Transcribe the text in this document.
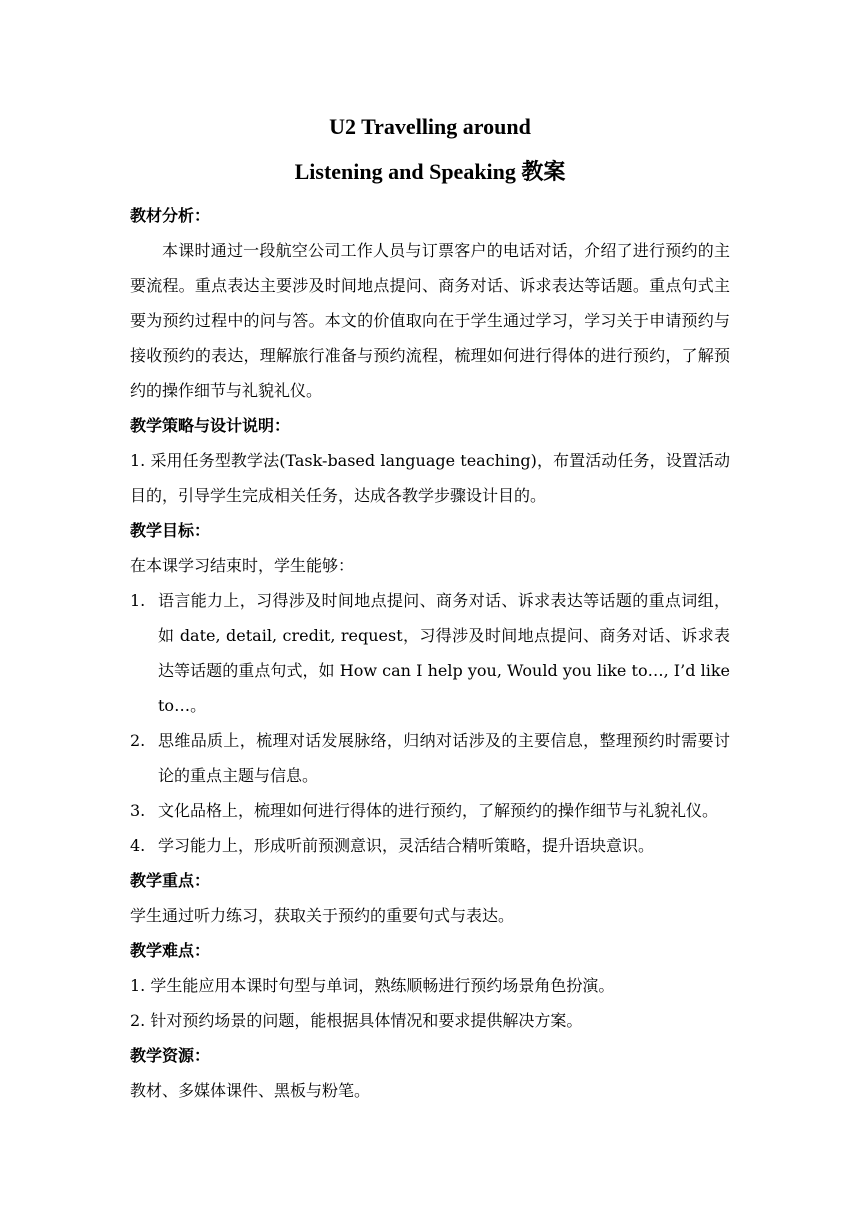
U2 Travelling around
Listening and Speaking 教案
教材分析：
本课时通过一段航空公司工作人员与订票客户的电话对话，介绍了进行预约的主要流程。重点表达主要涉及时间地点提问、商务对话、诉求表达等话题。重点句式主要为预约过程中的问与答。本文的价值取向在于学生通过学习，学习关于申请预约与接收预约的表达，理解旅行准备与预约流程，梳理如何进行得体的进行预约，了解预约的操作细节与礼貌礼仪。
教学策略与设计说明：
1. 采用任务型教学法(Task-based language teaching)，布置活动任务，设置活动目的，引导学生完成相关任务，达成各教学步骤设计目的。
教学目标：
在本课学习结束时，学生能够：
1. 语言能力上，习得涉及时间地点提问、商务对话、诉求表达等话题的重点词组，如 date, detail, credit, request，习得涉及时间地点提问、商务对话、诉求表达等话题的重点句式，如 How can I help you, Would you like to…, I’d like to…。
2. 思维品质上，梳理对话发展脉络，归纳对话涉及的主要信息，整理预约时需要讨论的重点主题与信息。
3. 文化品格上，梳理如何进行得体的进行预约，了解预约的操作细节与礼貌礼仪。
4. 学习能力上，形成听前预测意识，灵活结合精听策略，提升语块意识。
教学重点：
学生通过听力练习，获取关于预约的重要句式与表达。
教学难点：
1. 学生能应用本课时句型与单词，熟练顺畅进行预约场景角色扮演。
2. 针对预约场景的问题，能根据具体情况和要求提供解决方案。
教学资源：
教材、多媒体课件、黑板与粉笔。
